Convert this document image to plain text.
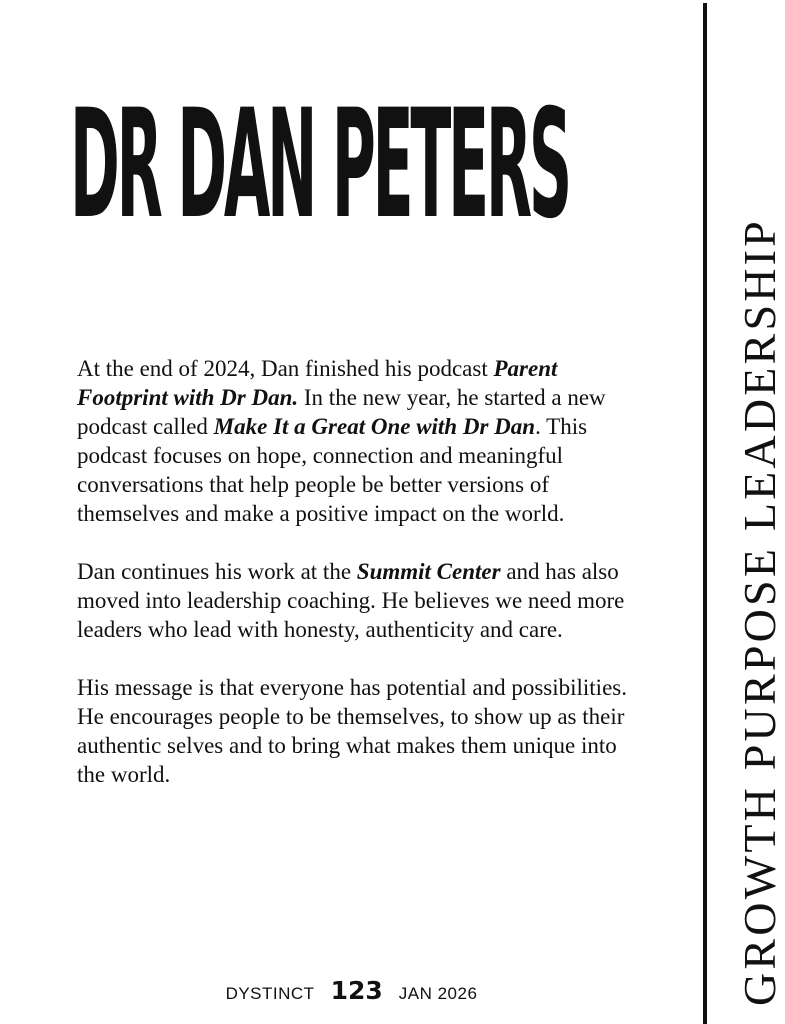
DR DAN PETERS

At the end of 2024, Dan finished his podcast Parent Footprint with Dr Dan. In the new year, he started a new podcast called Make It a Great One with Dr Dan. This podcast focuses on hope, connection and meaningful conversations that help people be better versions of themselves and make a positive impact on the world.

Dan continues his work at the Summit Center and has also moved into leadership coaching. He believes we need more leaders who lead with honesty, authenticity and care.

His message is that everyone has potential and possibilities. He encourages people to be themselves, to show up as their authentic selves and to bring what makes them unique into the world.	GROWTH PURPOSE LEADERSHIP
DYSTINCT 123 JAN 2026
